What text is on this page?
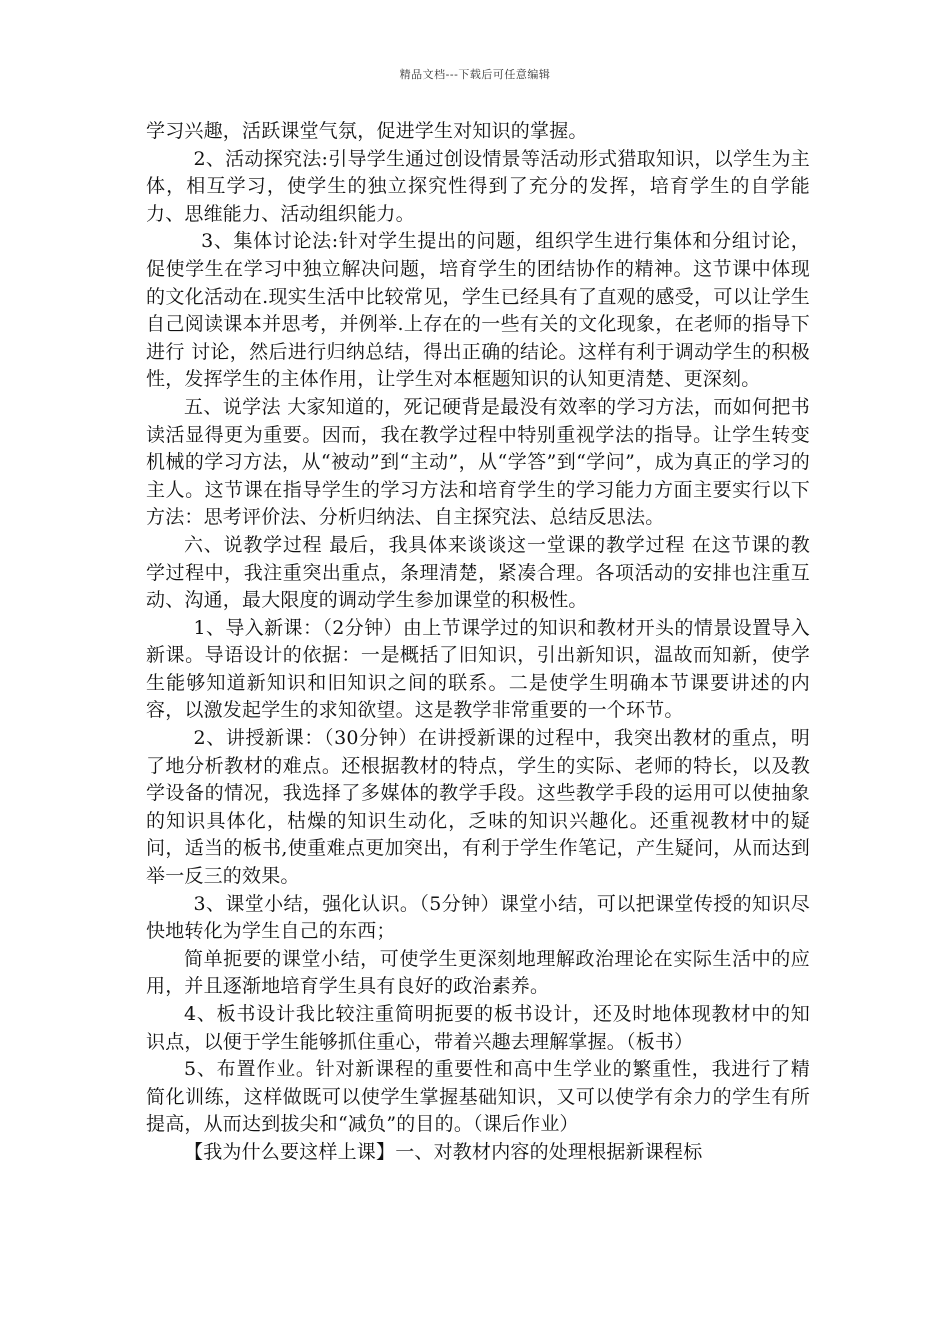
精品文档---下载后可任意编辑

学习兴趣，活跃课堂气氛，促进学生对知识的掌握。

2、活动探究法:引导学生通过创设情景等活动形式猎取知识，以学生为主体，相互学习，使学生的独立探究性得到了充分的发挥，培育学生的自学能力、思维能力、活动组织能力。

3、集体讨论法:针对学生提出的问题，组织学生进行集体和分组讨论，促使学生在学习中独立解决问题，培育学生的团结协作的精神。这节课中体现的文化活动在.现实生活中比较常见，学生已经具有了直观的感受，可以让学生自己阅读课本并思考，并例举.上存在的一些有关的文化现象，在老师的指导下进行 讨论，然后进行归纳总结，得出正确的结论。这样有利于调动学生的积极性，发挥学生的主体作用，让学生对本框题知识的认知更清楚、更深刻。

五、说学法 大家知道的，死记硬背是最没有效率的学习方法，而如何把书读活显得更为重要。因而，我在教学过程中特别重视学法的指导。让学生转变机械的学习方法，从“被动”到“主动”，从“学答”到“学问”，成为真正的学习的主人。这节课在指导学生的学习方法和培育学生的学习能力方面主要实行以下方法：思考评价法、分析归纳法、自主探究法、总结反思法。

六、说教学过程 最后，我具体来谈谈这一堂课的教学过程 在这节课的教学过程中，我注重突出重点，条理清楚，紧凑合理。各项活动的安排也注重互动、沟通，最大限度的调动学生参加课堂的积极性。

1、导入新课：（2分钟）由上节课学过的知识和教材开头的情景设置导入新课。导语设计的依据：一是概括了旧知识，引出新知识，温故而知新，使学生能够知道新知识和旧知识之间的联系。二是使学生明确本节课要讲述的内容，以激发起学生的求知欲望。这是教学非常重要的一个环节。

2、讲授新课：（30分钟）在讲授新课的过程中，我突出教材的重点，明了地分析教材的难点。还根据教材的特点，学生的实际、老师的特长，以及教学设备的情况，我选择了多媒体的教学手段。这些教学手段的运用可以使抽象的知识具体化，枯燥的知识生动化，乏味的知识兴趣化。还重视教材中的疑问，适当的板书,使重难点更加突出，有利于学生作笔记，产生疑问，从而达到举一反三的效果。

3、课堂小结，强化认识。（5分钟）课堂小结，可以把课堂传授的知识尽快地转化为学生自己的东西；

简单扼要的课堂小结，可使学生更深刻地理解政治理论在实际生活中的应用，并且逐渐地培育学生具有良好的政治素养。

4、板书设计我比较注重简明扼要的板书设计，还及时地体现教材中的知识点，以便于学生能够抓住重心，带着兴趣去理解掌握。（板书）

5、布置作业。针对新课程的重要性和高中生学业的繁重性，我进行了精简化训练，这样做既可以使学生掌握基础知识，又可以使学有余力的学生有所提高，从而达到拔尖和“减负”的目的。（课后作业）

【我为什么要这样上课】一、对教材内容的处理根据新课程标
